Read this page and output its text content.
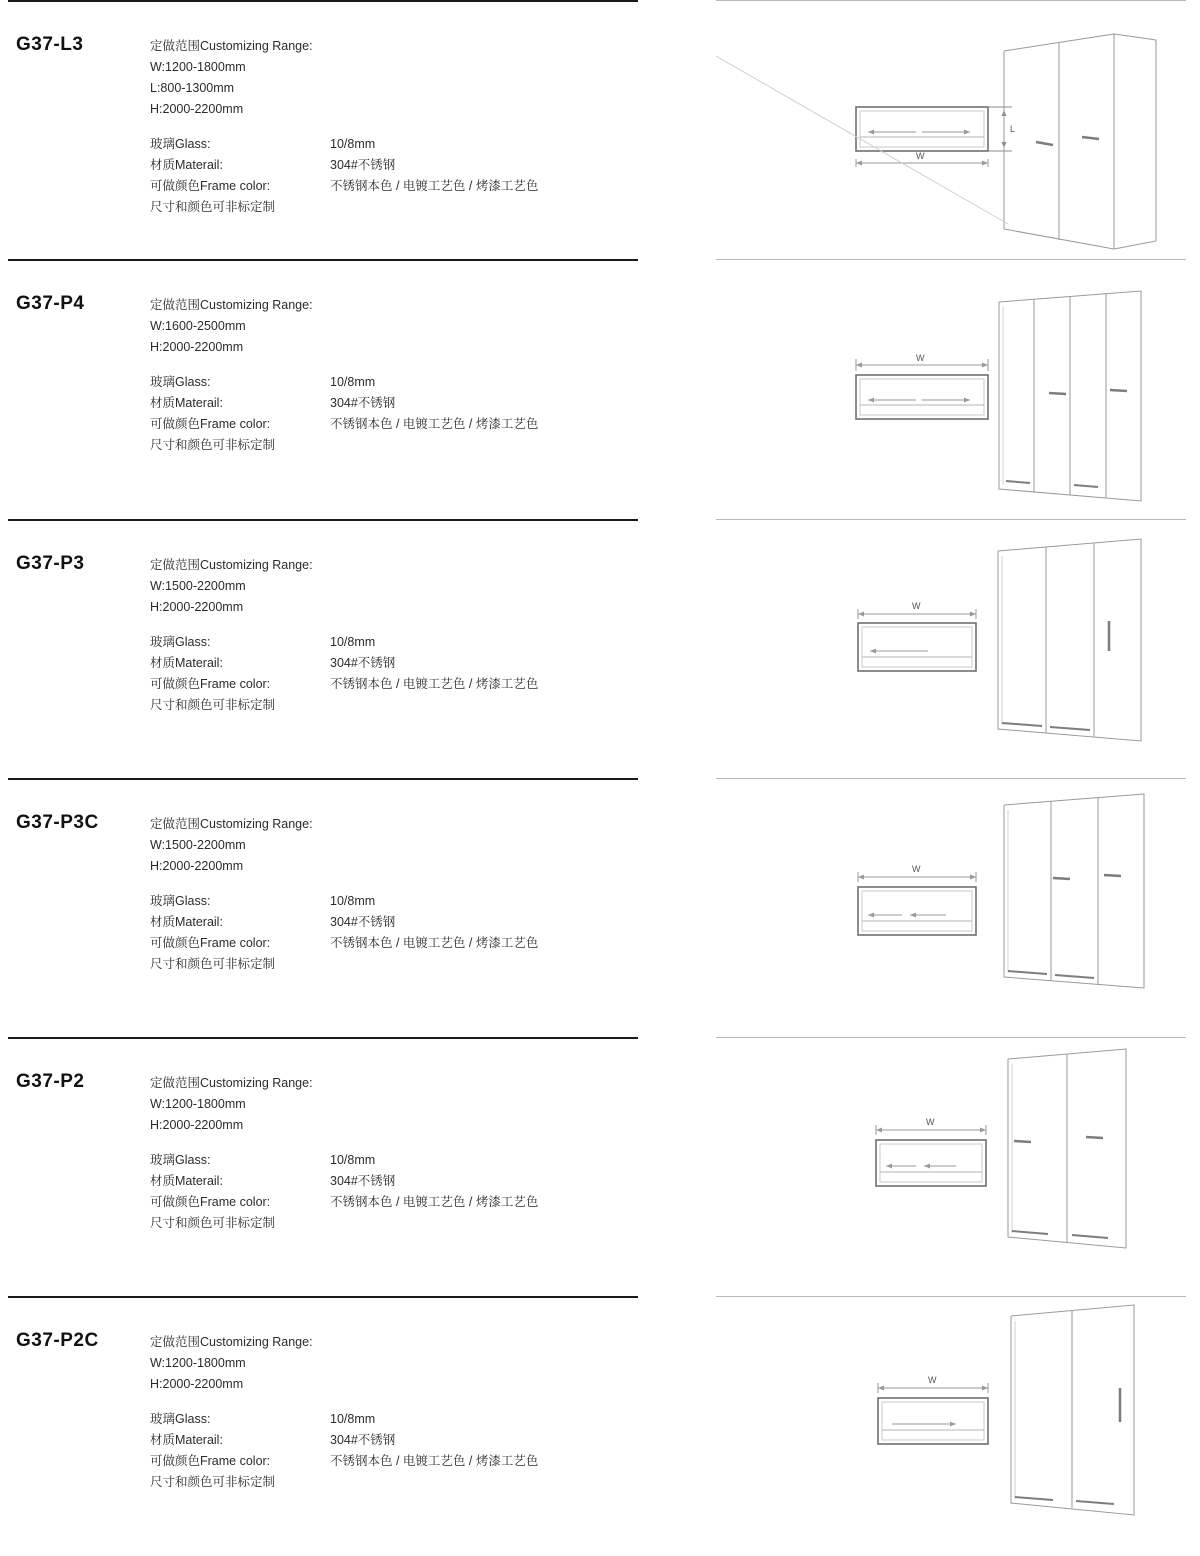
G37-L3	定做范围Customizing Range:
W:1200-1800mm
L:800-1300mm
H:2000-2200mm
玻璃Glass:	10/8mm
材质Materail:	304#不锈钢
可做颜色Frame color:	不锈钢本色 / 电镀工艺色 / 烤漆工艺色
尺寸和颜色可非标定制
L
W
G37-P4	定做范围Customizing Range:
W:1600-2500mm
H:2000-2200mm
玻璃Glass:	10/8mm
材质Materail:	304#不锈钢
可做颜色Frame color:	不锈钢本色 / 电镀工艺色 / 烤漆工艺色
尺寸和颜色可非标定制
W
G37-P3	定做范围Customizing Range:
W:1500-2200mm
H:2000-2200mm
玻璃Glass:	10/8mm
材质Materail:	304#不锈钢
可做颜色Frame color:	不锈钢本色 / 电镀工艺色 / 烤漆工艺色
尺寸和颜色可非标定制
W
G37-P3C	定做范围Customizing Range:
W:1500-2200mm
H:2000-2200mm
玻璃Glass:	10/8mm
材质Materail:	304#不锈钢
可做颜色Frame color:	不锈钢本色 / 电镀工艺色 / 烤漆工艺色
尺寸和颜色可非标定制
W
G37-P2	定做范围Customizing Range:
W:1200-1800mm
H:2000-2200mm
玻璃Glass:	10/8mm
材质Materail:	304#不锈钢
可做颜色Frame color:	不锈钢本色 / 电镀工艺色 / 烤漆工艺色
尺寸和颜色可非标定制
W
G37-P2C	定做范围Customizing Range:
W:1200-1800mm
H:2000-2200mm
玻璃Glass:	10/8mm
材质Materail:	304#不锈钢
可做颜色Frame color:	不锈钢本色 / 电镀工艺色 / 烤漆工艺色
尺寸和颜色可非标定制
W
